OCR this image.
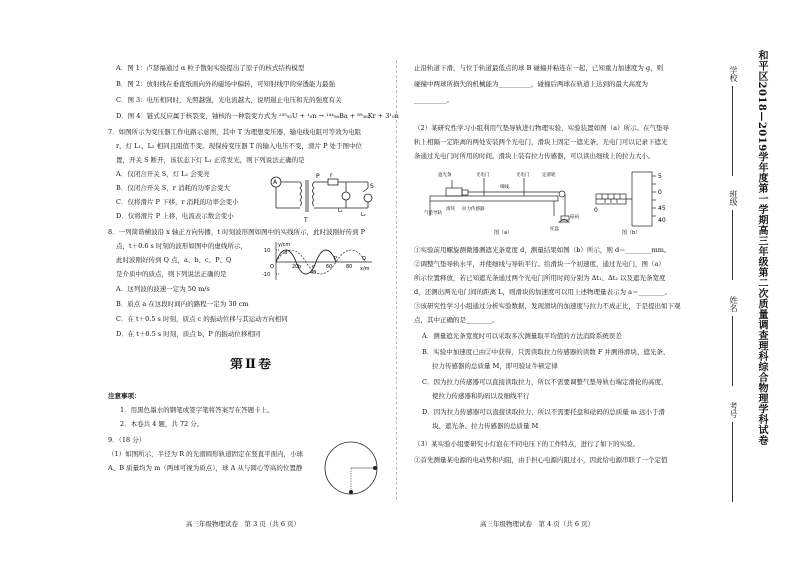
A．图 1：卢瑟福通过 α 粒子散射实验提出了原子的核式结构模型
B．图 2：放射线在垂直纸面向外的磁场中偏转，可知射线甲的穿透能力最强
C．图 3：电压相同时，光照越强，光电流越大，说明遏止电压和光的强度有关
D．图 4：链式反应属于核裂变，铀核的一种裂变方式为 ²³⁵₉₂U + ¹₀n → ¹⁴⁴₅₆Ba + ⁸⁹₃₆Kr + 3¹₀n
7．如图所示为变压器工作电路示意图，其中 T 为理想变压器，输电线电阻可等效为电阻
r，灯 L₁、L₂ 相同且阻值不变。现保持变压器 T 的输入电压不变，滑片 P 处于图中位
置，开关 S 断开，该状态下灯 L₁ 正常发光，则下列说法正确的是
A．仅闭合开关 S，灯 L₁ 会变亮
B．仅闭合开关 S，r 消耗的功率会变大
C．仅将滑片 P 下移，r 消耗的功率会变小
D．仅将滑片 P 上移，电流表示数会变小
A
P r
S
T
L₁
L₂
8．一列简谐横波沿 x 轴正方向传播，t 时刻波形图如图中的实线所示，此时波刚好传到 P
点，t＋0.6 s 时刻的波形如图中的虚线所示，
此时波刚好传到 Q 点，a、b、c、P、Q
是介质中的质点，则下列说法正确的是
A．这列波的波速一定为 50 m/s
B．质点 a 在这段时间内的路程一定为 30 cm
C．在 t＋0.5 s 时刻，质点 c 的振动位移与其运动方向相同
D．在 t＋0.5 s 时刻，质点 b、P 的振动位移相同
y/cm
10
O
-10
a
b c
P	Q
20
40
60	80 x/m
第Ⅱ卷
注意事项：
1．用黑色墨水的钢笔或签字笔将答案写在答题卡上。
2．本卷共 4 题，共 72 分。
9．（18 分）
（1）如图所示，半径为 R 的光滑圆形轨道固定在竖直平面内，小球
A、B 质量均为 m（两球可视为质点），球 A 从与圆心等高的位置静
高三年级物理试卷　第 3 页（共 6 页）
止沿轨道下滑，与位于轨道最低点的球 B 碰撞并粘连在一起，已知重力加速度为 g，则
碰撞中两球所损失的机械能为__________，碰撞后两球在轨道上达到的最大高度为
__________。
（2）某研究性学习小组利用气垫导轨进行物理实验，实验装置如图（a）所示。在气垫导
轨上相隔一定距离的两处安装两个光电门，滑块上固定一遮光条，光电门可以记录下遮光
条通过光电门时所用的时间。滑块上装有拉力传感器，可以读出细线上的拉力大小。
遮光条	光电门
细线
光电门	定滑轮
气垫导轨
滑块 拉力传感器
托盘
砝码
图（a）
5
0
45
40
0
图（b）
①实验前用螺旋测微器测遮光条宽度 d，测量结果如图（b）所示，则 d＝________mm。
②调整气垫导轨水平，并使细线与导轨平行。给滑块一个初速度，通过光电门，图（a）
所示位置释放，若已知遮光条通过两个光电门所用时间分别为 Δt₁、Δt₂ 以及遮光条宽度
d，还测出两光电门间的距离 L，则滑块的加速度可以用上述物理量表示为 a＝________。
③该研究性学习小组通过分析实验数据，发现滑块的加速度与拉力不成正比，于是提出如下观
点，其中正确的是________。
A．测量遮光条宽度时可以采取多次测量取平均值的方法消除系统误差
B．实验中加速度已由②中获得，只需读取拉力传感器的读数 F 并测得滑块、遮光条、
拉力传感器的总质量 M，即可验证牛顿定律
C．因为拉力传感器可以直接读取拉力，所以不需要调整气垫导轨右端定滑轮的高度，
使拉力传感器和钩码以及细线平行
D．因为拉力传感器可以直接读取拉力，所以不需要托盘和砝码的总质量 m 远小于滑
块、遮光条、拉力传感器的总质量 M
（3）某实验小组要研究小灯泡在不同电压下的工作特点，进行了如下的实验。
①首先测量某电源的电动势和内阻，由于担心电源内阻过小，因此给电源串联了一个定值
高三年级物理试卷　第 4 页（共 6 页）
和平区2018—2019学年度第一学期高三年级第二次质量调查理科综合物理学科试卷
学校
班级
姓名
考号
